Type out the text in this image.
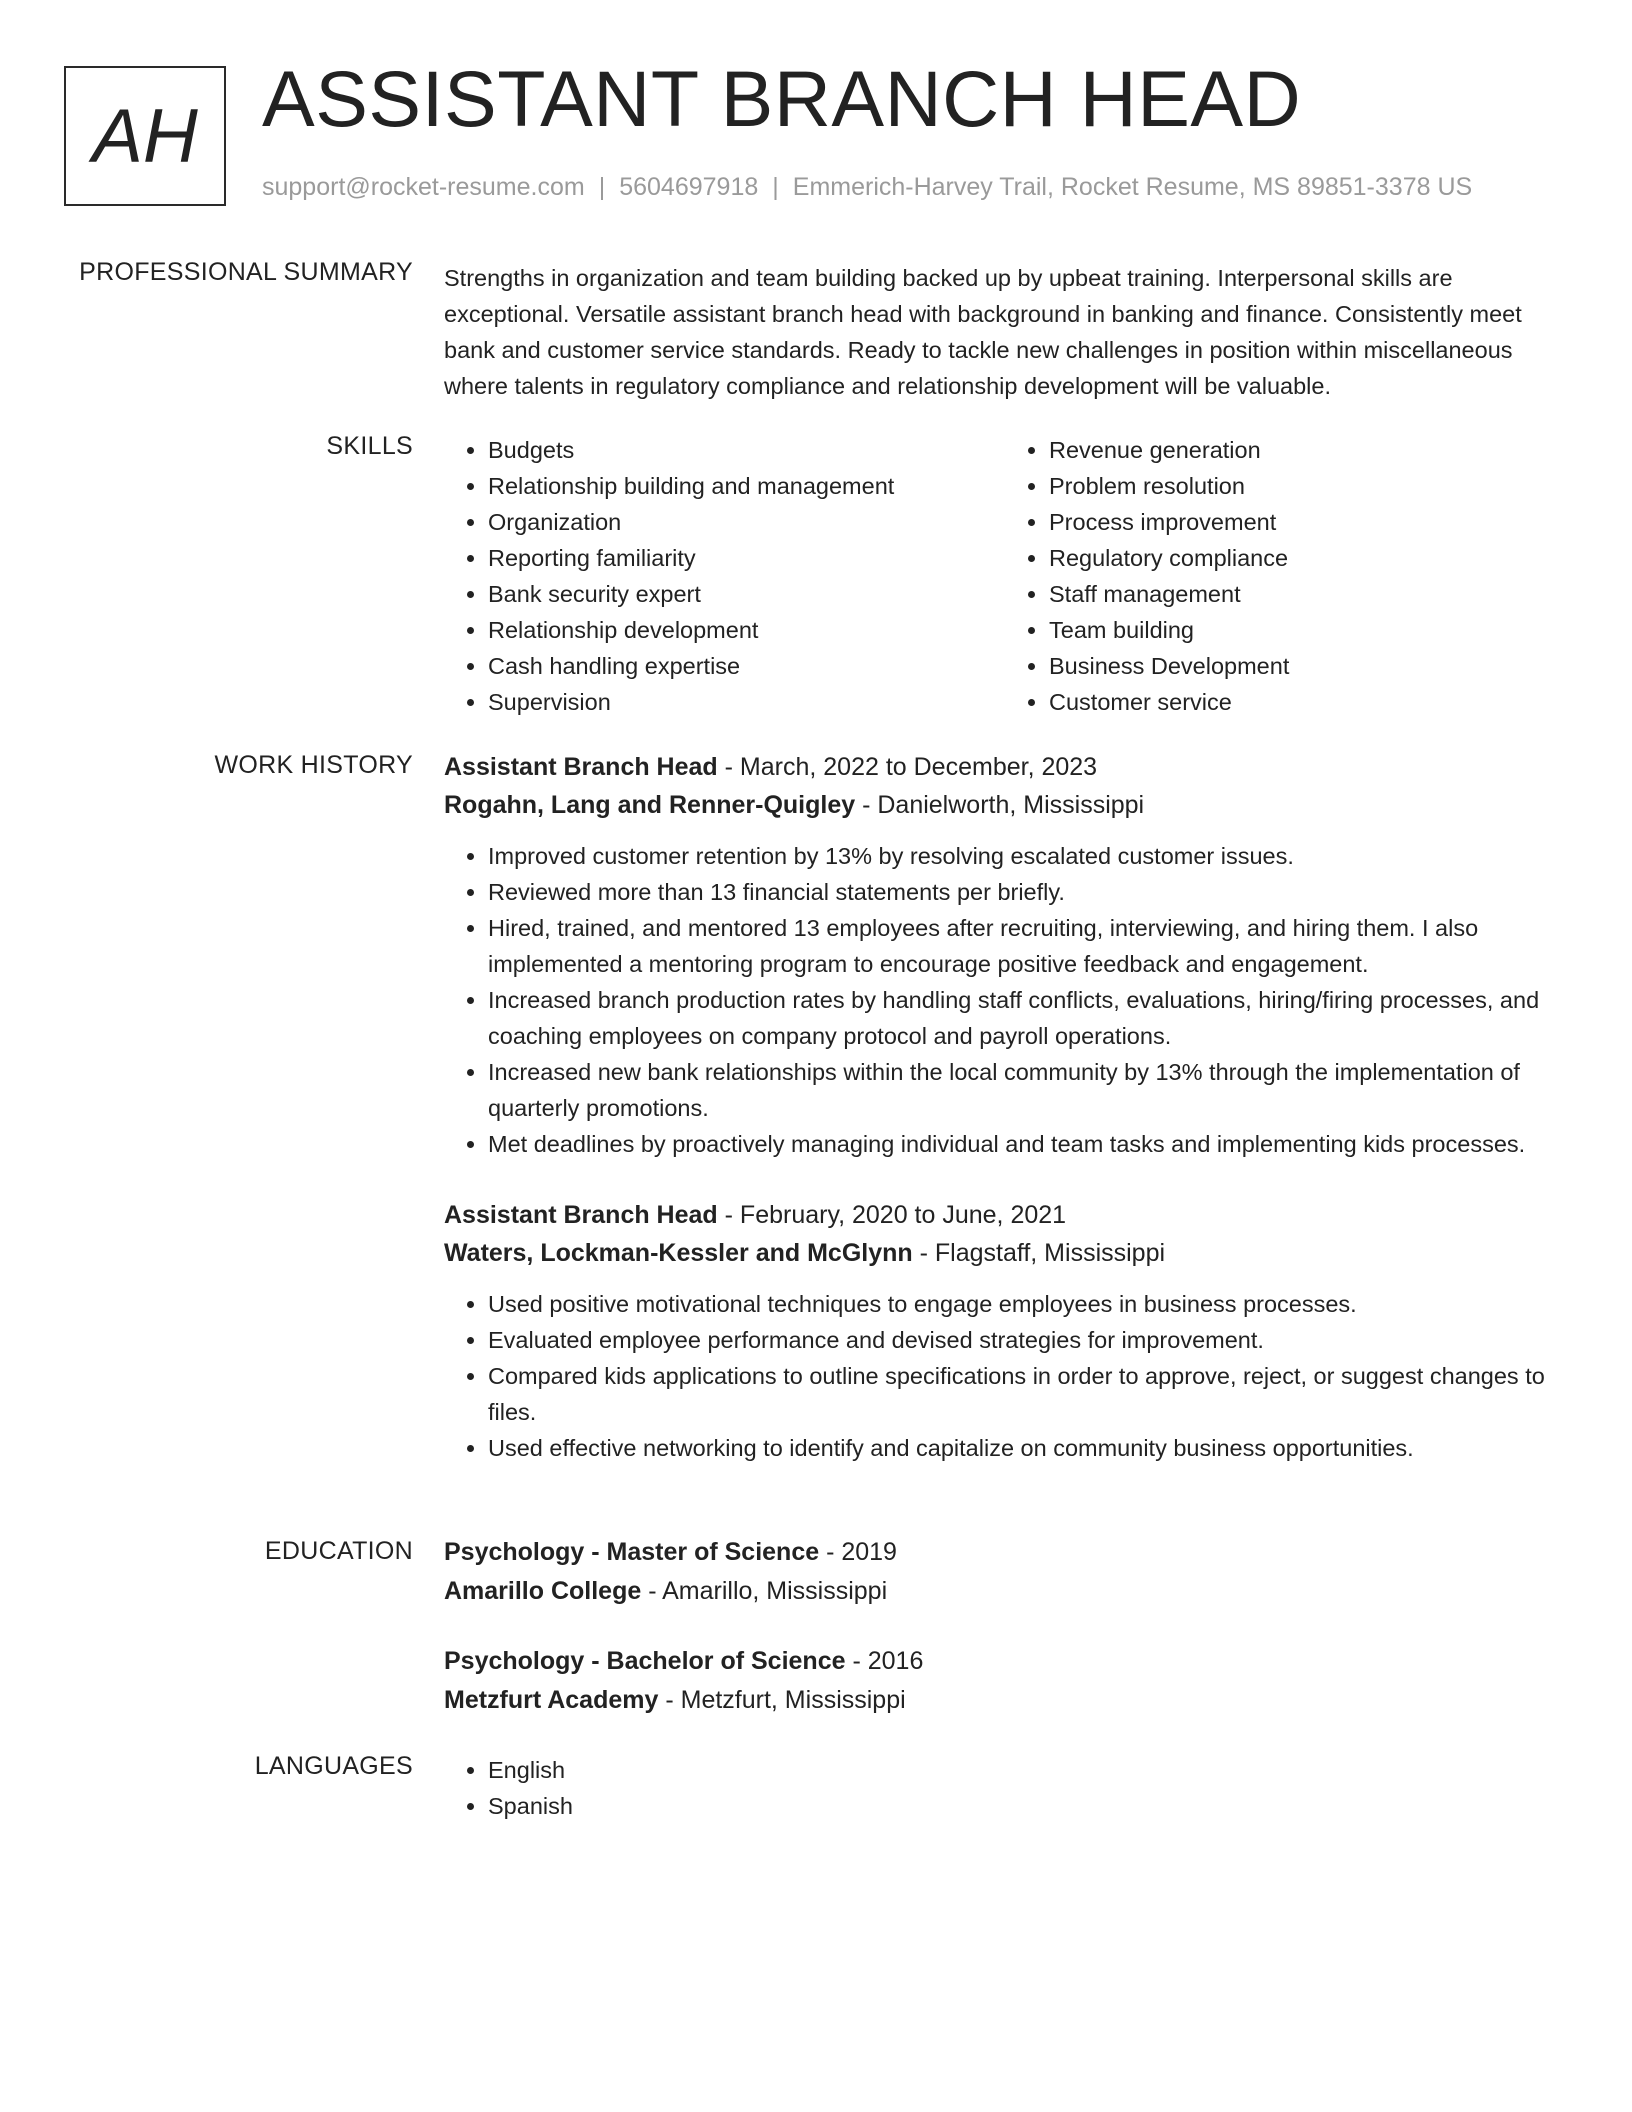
AH ASSISTANT BRANCH HEAD
support@rocket-resume.com | 5604697918 | Emmerich-Harvey Trail, Rocket Resume, MS 89851-3378 US
PROFESSIONAL SUMMARY Strengths in organization and team building backed up by upbeat training. Interpersonal skills are exceptional. Versatile assistant branch head with background in banking and finance. Consistently meet bank and customer service standards. Ready to tackle new challenges in position within miscellaneous where talents in regulatory compliance and relationship development will be valuable.

SKILLS	• Budgets
• Relationship building and management
• Organization
• Reporting familiarity
• Bank security expert
• Relationship development
• Cash handling expertise
• Supervision
• Revenue generation
• Problem resolution
• Process improvement
• Regulatory compliance
• Staff management
• Team building
• Business Development
• Customer service
WORK HISTORY Assistant Branch Head - March, 2022 to December, 2023
Rogahn, Lang and Renner-Quigley - Danielworth, Mississippi
• Improved customer retention by 13% by resolving escalated customer issues.
• Reviewed more than 13 financial statements per briefly.
• Hired, trained, and mentored 13 employees after recruiting, interviewing, and hiring them. I also implemented a mentoring program to encourage positive feedback and engagement.
• Increased branch production rates by handling staff conflicts, evaluations, hiring/firing processes, and coaching employees on company protocol and payroll operations.
• Increased new bank relationships within the local community by 13% through the implementation of quarterly promotions.
• Met deadlines by proactively managing individual and team tasks and implementing kids processes.
Assistant Branch Head - February, 2020 to June, 2021
Waters, Lockman-Kessler and McGlynn - Flagstaff, Mississippi
• Used positive motivational techniques to engage employees in business processes.
• Evaluated employee performance and devised strategies for improvement.
• Compared kids applications to outline specifications in order to approve, reject, or suggest changes to files.
• Used effective networking to identify and capitalize on community business opportunities.
EDUCATION Psychology - Master of Science - 2019
Amarillo College - Amarillo, Mississippi
Psychology - Bachelor of Science - 2016
Metzfurt Academy - Metzfurt, Mississippi
LANGUAGES	• English
• Spanish
